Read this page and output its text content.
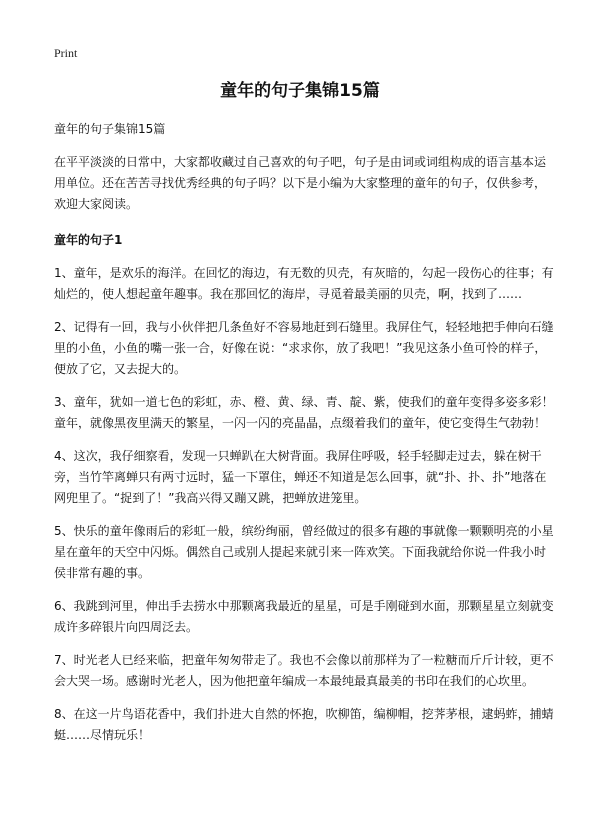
Print
童年的句子集锦15篇

童年的句子集锦15篇

在平平淡淡的日常中，大家都收藏过自己喜欢的句子吧，句子是由词或词组构成的语言基本运用单位。还在苦苦寻找优秀经典的句子吗？以下是小编为大家整理的童年的句子，仅供参考，欢迎大家阅读。

童年的句子1

1、童年，是欢乐的海洋。在回忆的海边，有无数的贝壳，有灰暗的，勾起一段伤心的往事；有灿烂的，使人想起童年趣事。我在那回忆的海岸，寻觅着最美丽的贝壳，啊，找到了……

2、记得有一回，我与小伙伴把几条鱼好不容易地赶到石缝里。我屏住气，轻轻地把手伸向石缝里的小鱼，小鱼的嘴一张一合，好像在说：“求求你，放了我吧！”我见这条小鱼可怜的样子，便放了它，又去捉大的。

3、童年，犹如一道七色的彩虹，赤、橙、黄、绿、青、靛、紫，使我们的童年变得多姿多彩！童年，就像黑夜里满天的繁星，一闪一闪的亮晶晶，点缀着我们的童年，使它变得生气勃勃！

4、这次，我仔细察看，发现一只蝉趴在大树背面。我屏住呼吸，轻手轻脚走过去，躲在树干旁，当竹竿离蝉只有两寸远时，猛一下罩住，蝉还不知道是怎么回事，就“扑、扑、扑”地落在网兜里了。“捉到了！”我高兴得又蹦又跳，把蝉放进笼里。

5、快乐的童年像雨后的彩虹一般，缤纷绚丽，曾经做过的很多有趣的事就像一颗颗明亮的小星星在童年的天空中闪烁。偶然自己或别人提起来就引来一阵欢笑。下面我就给你说一件我小时侯非常有趣的事。

6、我跳到河里，伸出手去捞水中那颗离我最近的星星，可是手刚碰到水面，那颗星星立刻就变成许多碎银片向四周泛去。

7、时光老人已经来临，把童年匆匆带走了。我也不会像以前那样为了一粒糖而斤斤计较，更不会大哭一场。感谢时光老人，因为他把童年编成一本最纯最真最美的书印在我们的心坎里。

8、在这一片鸟语花香中，我们扑进大自然的怀抱，吹柳笛，编柳帽，挖荠茅根，逮蚂蚱，捕蜻蜓……尽情玩乐！
